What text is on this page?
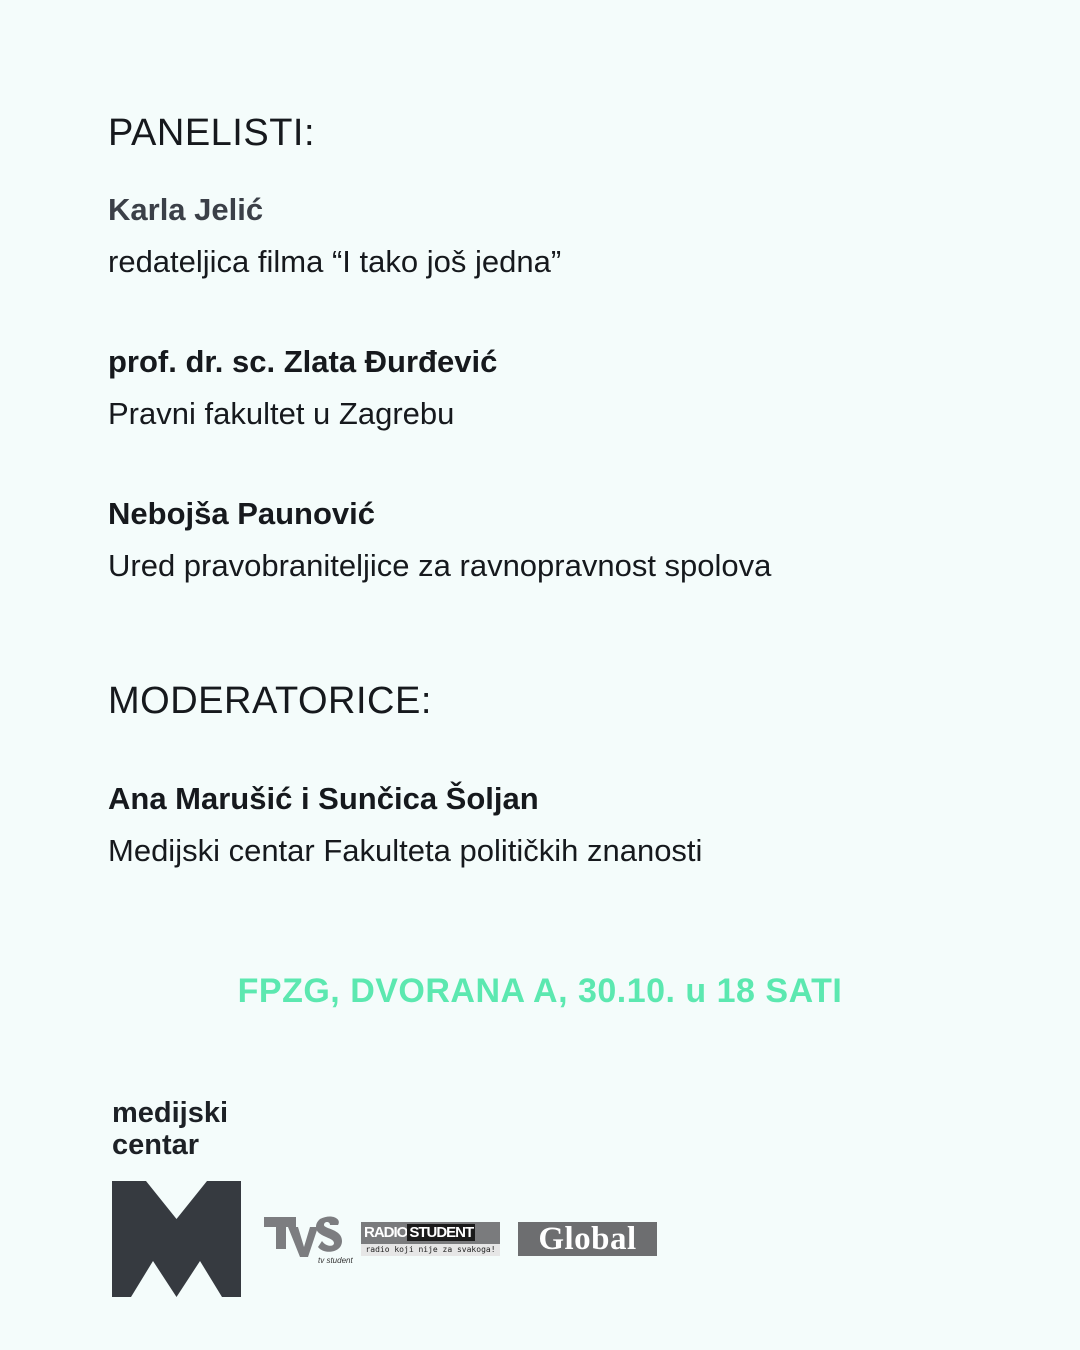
PANELISTI:
Karla Jelić
redateljica filma “I tako još jedna”
prof. dr. sc. Zlata Đurđević
Pravni fakultet u Zagrebu
Nebojša Paunović
Ured pravobraniteljice za ravnopravnost spolova
MODERATORICE:
Ana Marušić i Sunčica Šoljan
Medijski centar Fakulteta političkih znanosti
FPZG, DVORANA A, 30.10. u 18 SATI
medijski
centar
tv student
RADIO STUDENT
radio koji nije za svakoga!	Global
